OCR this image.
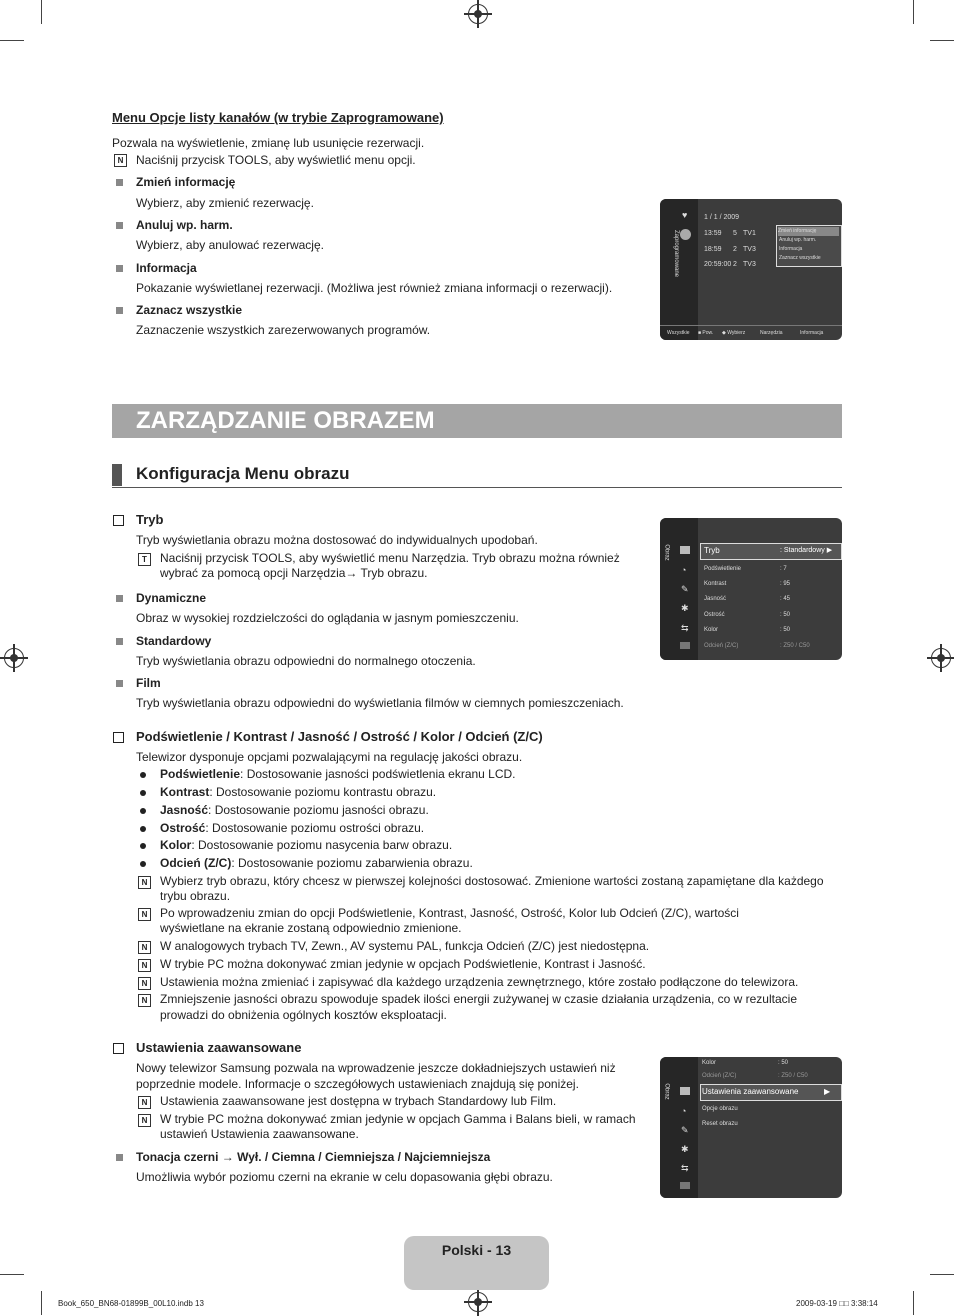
Menu Opcje listy kanałów (w trybie Zaprogramowane)
Pozwala na wyświetlenie, zmianę lub usunięcie rezerwacji.
N	Naciśnij przycisk TOOLS, aby wyświetlić menu opcji.
Zmień informację
Wybierz, aby zmienić rezerwację.
Anuluj wp. harm.
Wybierz, aby anulować rezerwację.
Informacja
Pokazanie wyświetlanej rezerwacji. (Możliwa jest również zmiana informacji o rezerwacji).
Zaznacz wszystkie
Zaznaczenie wszystkich zarezerwowanych programów.
Zaprogramowane
♥ 1 / 1 / 2009
13:59 5 TV1
18:59 2 TV3
20:59:00 2 TV3
Zmień informację
Anuluj wp. harm.
Informacja
Zaznacz wszystkie
Wszystkie ■ Pow. ◆ Wybierz	Narzędzia	Informacja
ZARZĄDZANIE OBRAZEM
Konfiguracja Menu obrazu
Tryb
Tryb wyświetlania obrazu można dostosować do indywidualnych upodobań.
T	Naciśnij przycisk TOOLS, aby wyświetlić menu Narzędzia. Tryb obrazu można również
wybrać za pomocą opcji Narzędzia→ Tryb obrazu.
Dynamiczne
Obraz w wysokiej rozdzielczości do oglądania w jasnym pomieszczeniu.
Standardowy
Tryb wyświetlania obrazu odpowiedni do normalnego otoczenia.
Film
Tryb wyświetlania obrazu odpowiedni do wyświetlania filmów w ciemnych pomieszczeniach.
Obraz
◔
✎
✱
⇆
Tryb	: Standardowy ▶
Podświetlenie	: 7
Kontrast	: 95
Jasność	: 45
Ostrość	: 50
Kolor	: 50
Odcień (Z/C)	: Z50 / C50
Podświetlenie / Kontrast / Jasność / Ostrość / Kolor / Odcień (Z/C)
Telewizor dysponuje opcjami pozwalającymi na regulację jakości obrazu.
Podświetlenie: Dostosowanie jasności podświetlenia ekranu LCD.
Kontrast: Dostosowanie poziomu kontrastu obrazu.
Jasność: Dostosowanie poziomu jasności obrazu.
Ostrość: Dostosowanie poziomu ostrości obrazu.
Kolor: Dostosowanie poziomu nasycenia barw obrazu.
Odcień (Z/C): Dostosowanie poziomu zabarwienia obrazu.
N	Wybierz tryb obrazu, który chcesz w pierwszej kolejności dostosować. Zmienione wartości zostaną zapamiętane dla każdego
trybu obrazu.
N	Po wprowadzeniu zmian do opcji Podświetlenie, Kontrast, Jasność, Ostrość, Kolor lub Odcień (Z/C), wartości
wyświetlane na ekranie zostaną odpowiednio zmienione.
N	W analogowych trybach TV, Zewn., AV systemu PAL, funkcja Odcień (Z/C) jest niedostępna.
N	W trybie PC można dokonywać zmian jedynie w opcjach Podświetlenie, Kontrast i Jasność.
N	Ustawienia można zmieniać i zapisywać dla każdego urządzenia zewnętrznego, które zostało podłączone do telewizora.
N	Zmniejszenie jasności obrazu spowoduje spadek ilości energii zużywanej w czasie działania urządzenia, co w rezultacie
prowadzi do obniżenia ogólnych kosztów eksploatacji.
Ustawienia zaawansowane
Nowy telewizor Samsung pozwala na wprowadzenie jeszcze dokładniejszych ustawień niż
poprzednie modele. Informacje o szczegółowych ustawieniach znajdują się poniżej.
N	Ustawienia zaawansowane jest dostępna w trybach Standardowy lub Film.
N	W trybie PC można dokonywać zmian jedynie w opcjach Gamma i Balans bieli, w ramach
ustawień Ustawienia zaawansowane.
Tonacja czerni → Wył. / Ciemna / Ciemniejsza / Najciemniejsza
Umożliwia wybór poziomu czerni na ekranie w celu dopasowania głębi obrazu.
Obraz
◔
✎
✱
⇆
Kolor	: 50
Odcień (Z/C)	: Z50 / C50
Ustawienia zaawansowane	▶
Opcje obrazu
Reset obrazu
Polski - 13
Book_650_BN68-01899B_00L10.indb 13	2009-03-19 □□ 3:38:14
